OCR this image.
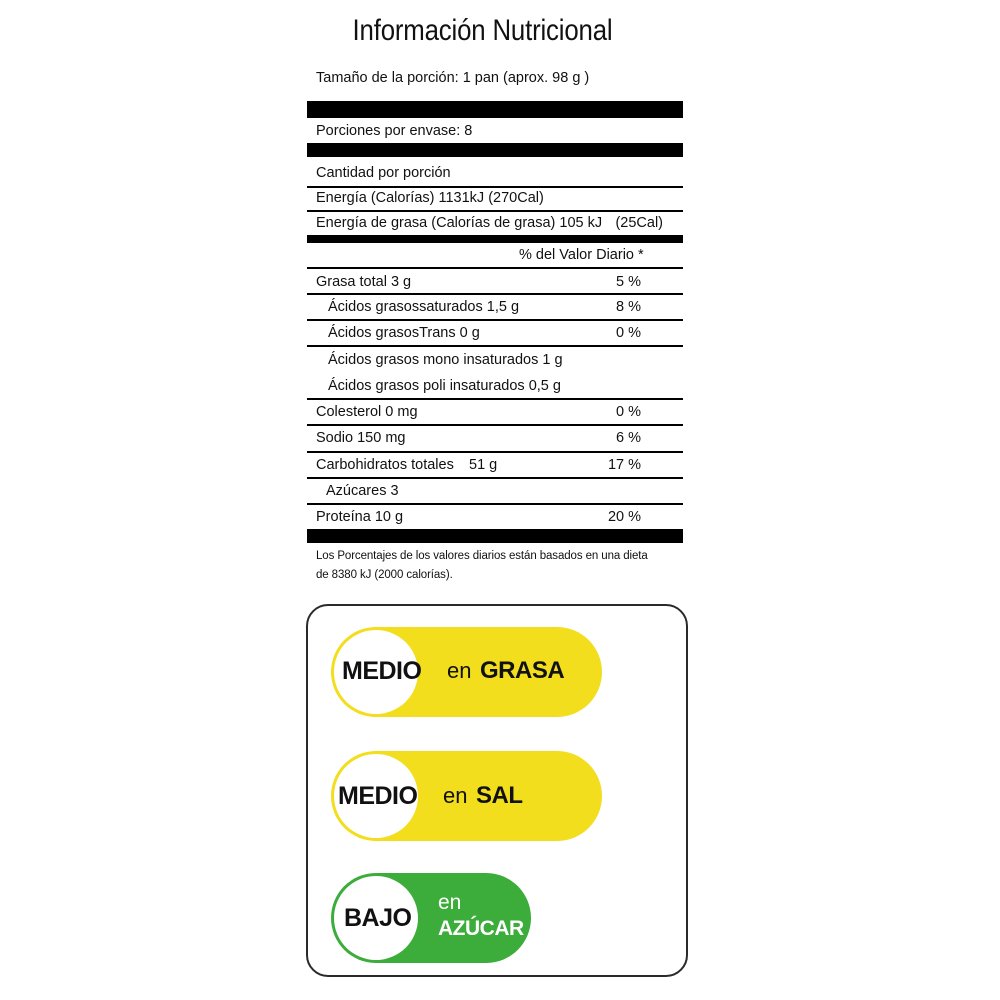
Información Nutricional
Tamaño de la porción: 1 pan (aprox. 98 g )
Porciones por envase: 8
Cantidad por porción
Energía (Calorías) 1131kJ (270Cal)
Energía de grasa (Calorías de grasa) 105 kJ (25Cal)
% del Valor Diario *
Grasa total 3 g	5 %
Ácidos grasossaturados 1,5 g	8 %
Ácidos grasosTrans 0 g	0 %
Ácidos grasos mono insaturados 1 g
Ácidos grasos poli insaturados 0,5 g
Colesterol 0 mg	0 %
Sodio 150 mg	6 %
Carbohidratos totales 51 g	17 %
Azúcares 3
Proteína 10 g	20 %
Los Porcentajes de los valores diarios están basados en una dieta
de 8380 kJ (2000 calorías).
MEDIO en GRASA
MEDIO en SAL
BAJO
en
AZÚCAR
